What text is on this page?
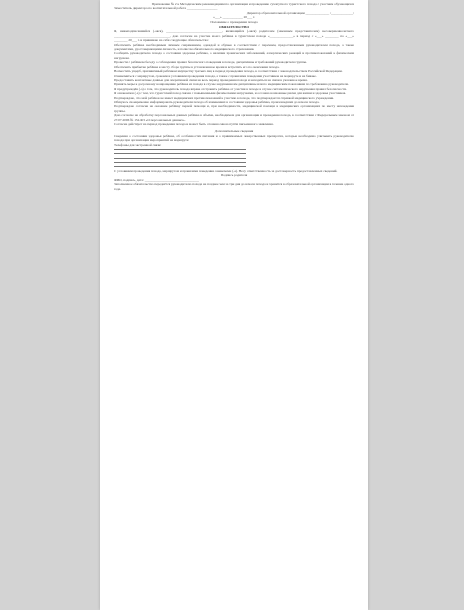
Приложение № 2 к Методическим рекомендациям по организации и проведению сухопутного туристского похода с участием обучающихся
Заместитель директора по воспитательной работе __________________
Директор образовательной организации ______________ /_____________/
«___» ____________ 20___ г.
Положение о проведении похода
ОБЯЗАТЕЛЬСТВО
Я, нижеподписавшийся (-аяся), _________________________________, являющийся (-аяся) родителем (законным представителем) несовершеннолетнего _________________________________, даю согласие на участие моего ребёнка в туристском походе «______________» в период с «___» ________ по «___» ________ 20___ г. и принимаю на себя следующие обязательства:
Обеспечить ребёнка необходимым личным снаряжением, одеждой и обувью в соответствии с перечнем, предоставленным руководителем похода, а также документами, удостоверяющими личность, и полисом обязательного медицинского страхования.
Сообщить руководителю похода о состоянии здоровья ребёнка, о наличии хронических заболеваний, аллергических реакций и противопоказаний к физическим нагрузкам.
Провести с ребёнком беседу о соблюдении правил безопасного поведения в походе, дисциплины и требований руководителя группы.
Обеспечить прибытие ребёнка к месту сбора группы в установленное время и встретить его по окончании похода.
Возместить ущерб, причинённый ребёнком имуществу третьих лиц в период проведения похода, в соответствии с законодательством Российской Федерации.
Ознакомиться с маршрутом, сроками и условиями проведения похода, а также с правилами поведения участников на маршруте и на биваке.
Предоставить контактные данные для оперативной связи на весь период проведения похода и находиться на связи в указанное время.
Принять меры к досрочному возвращению ребёнка из похода в случае нарушения им дисциплины или по медицинским показаниям по требованию руководителя.
Я предупреждён (-а) о том, что руководитель похода вправе отстранить ребёнка от участия в походе в случае систематического нарушения правил безопасности.
Я ознакомлен (-а) с тем, что туристский поход связан с повышенными физическими нагрузками, и осознаю возможные риски для жизни и здоровья участников.
Подтверждаю, что мой ребёнок не имеет медицинских противопоказаний к участию в походе, что подтверждается справкой медицинского учреждения.
Обязуюсь своевременно информировать руководителя похода об изменениях в состоянии здоровья ребёнка, произошедших до начала похода.
Подтверждаю согласие на оказание ребёнку первой помощи и, при необходимости, медицинской помощи в медицинских организациях по месту нахождения группы.
Даю согласие на обработку персональных данных ребёнка в объёме, необходимом для организации и проведения похода, в соответствии с Федеральным законом от 27.07.2006 № 152-ФЗ «О персональных данных».
Согласие действует на период проведения похода и может быть отозвано мною путём письменного заявления.
Дополнительные сведения
Сведения о состоянии здоровья ребёнка, об особенностях питания и о принимаемых лекарственных препаратах, которые необходимо учитывать руководителю похода при организации мероприятий на маршруте:
Телефоны для экстренной связи:
С условиями проведения похода, маршрутом и правилами поведения ознакомлен (-а). Несу ответственность за достоверность предоставленных сведений.
Подпись родителя
ФИО, подпись, дата: ________________________________
Заполненное обязательство передаётся руководителю похода не позднее чем за три дня до начала похода и хранится в образовательной организации в течение одного года.
